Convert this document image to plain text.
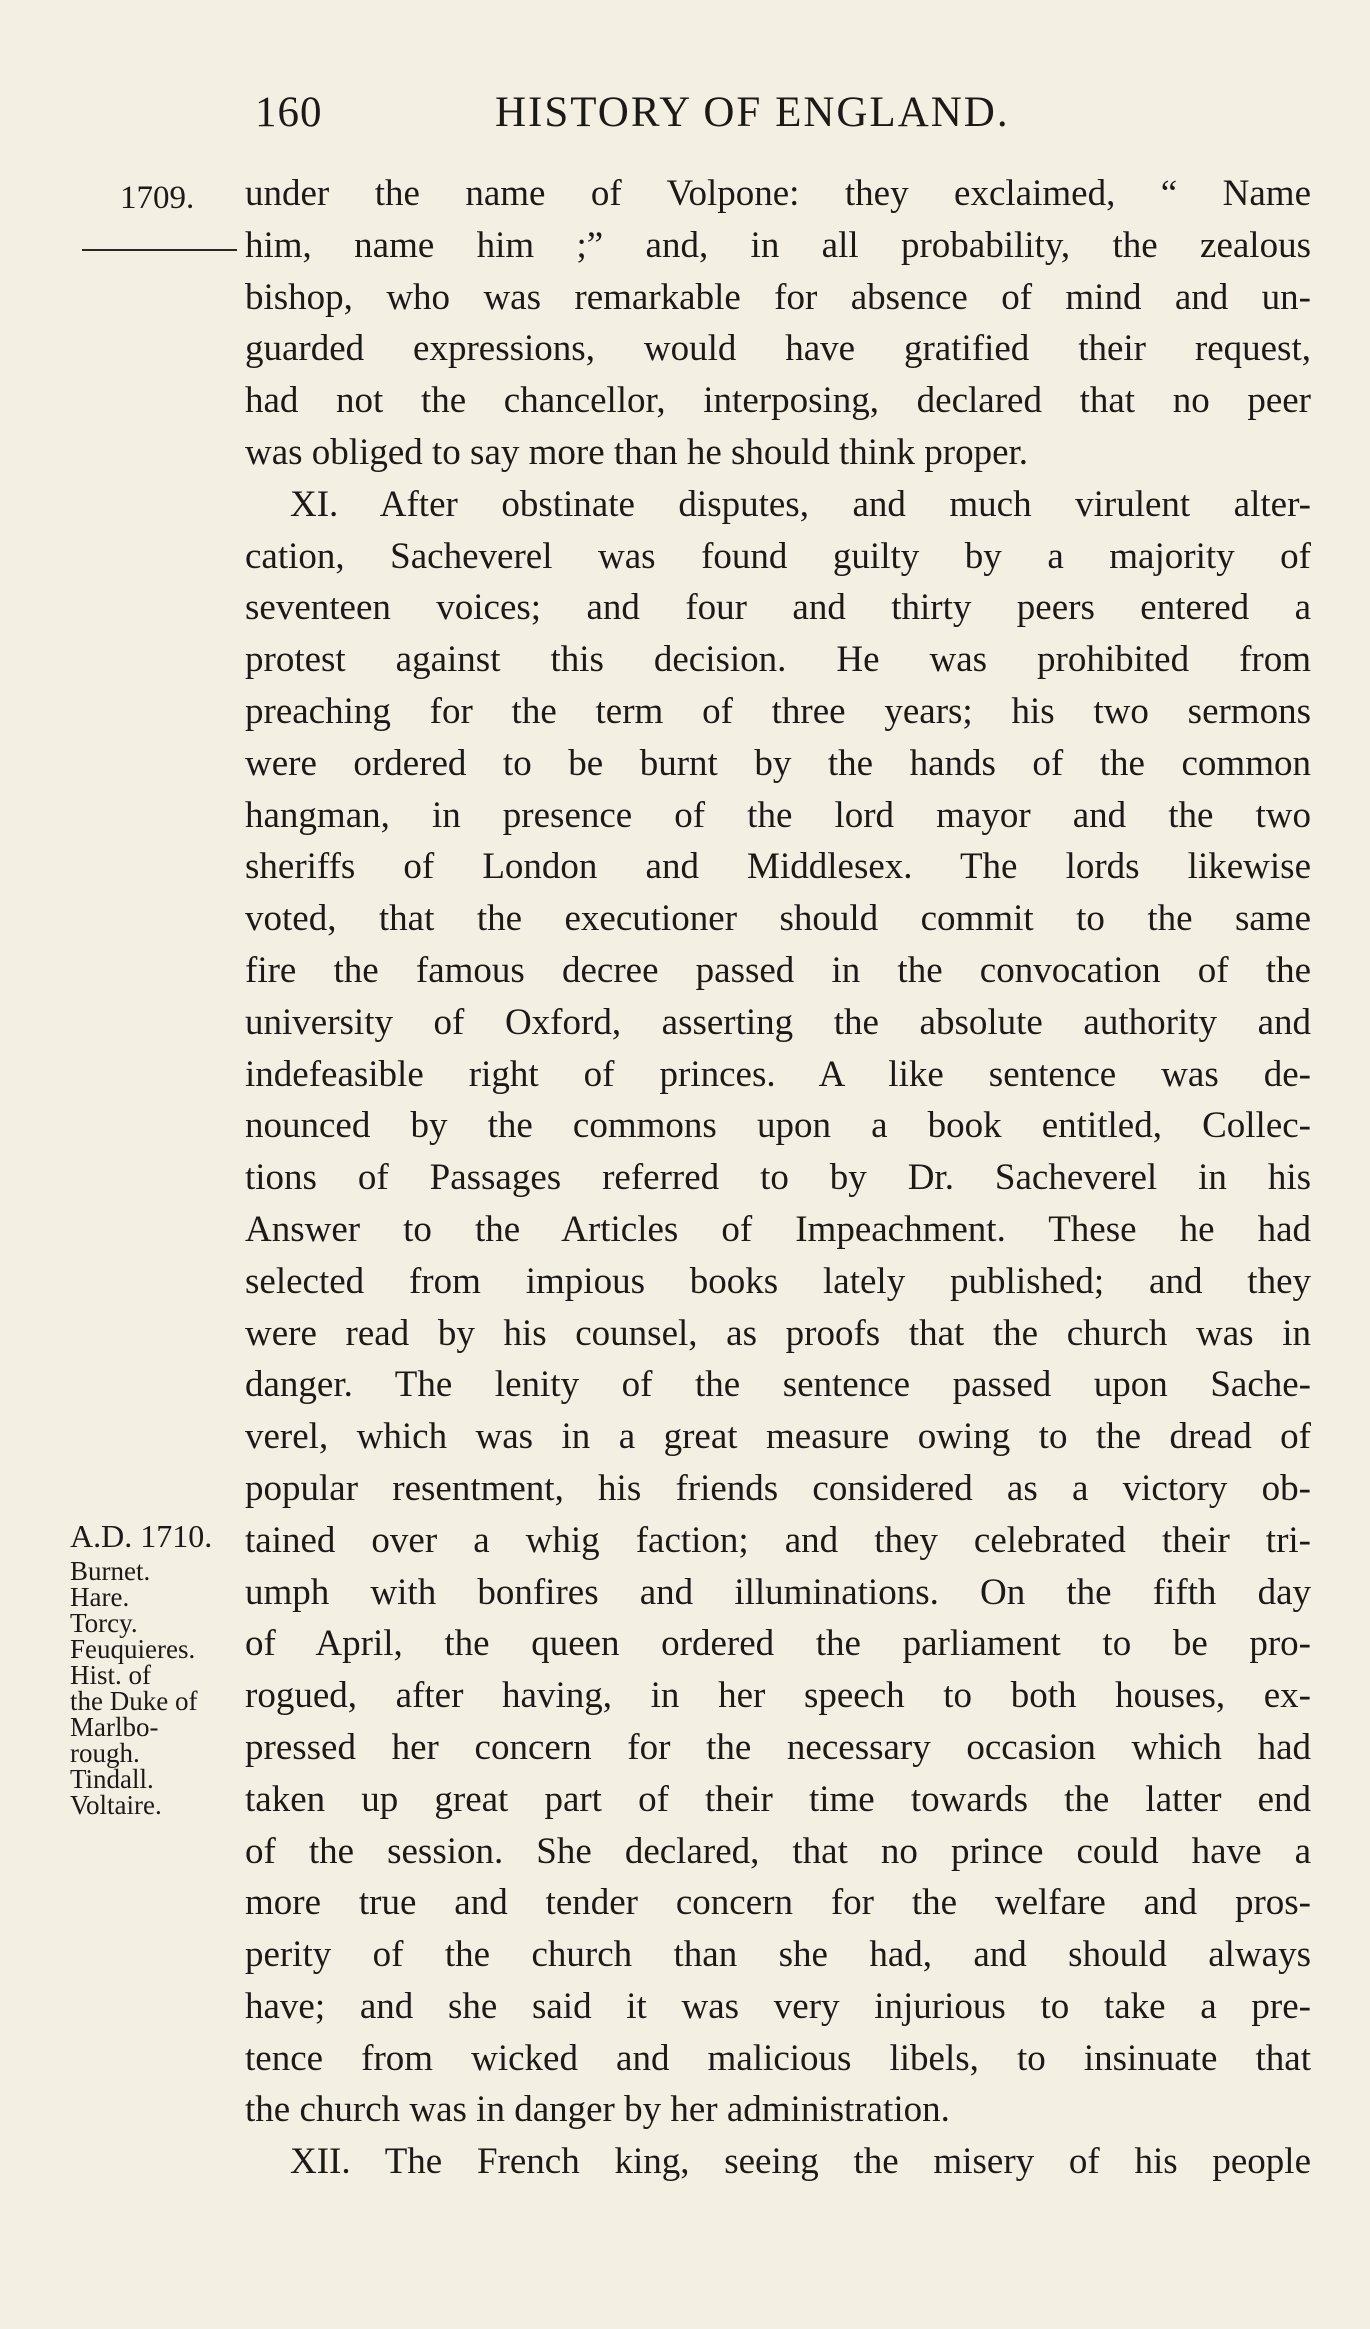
160	HISTORY OF ENGLAND.
1709. under the name of Volpone: they exclaimed, “ Name
him, name him ;” and, in all probability, the zealous
bishop, who was remarkable for absence of mind and un-
guarded expressions, would have gratified their request,
had not the chancellor, interposing, declared that no peer
was obliged to say more than he should think proper.
XI. After obstinate disputes, and much virulent alter-
cation, Sacheverel was found guilty by a majority of
seventeen voices; and four and thirty peers entered a
protest against this decision. He was prohibited from
preaching for the term of three years; his two sermons
were ordered to be burnt by the hands of the common
hangman, in presence of the lord mayor and the two
sheriffs of London and Middlesex. The lords likewise
voted, that the executioner should commit to the same
fire the famous decree passed in the convocation of the
university of Oxford, asserting the absolute authority and
indefeasible right of princes. A like sentence was de-
nounced by the commons upon a book entitled, Collec-
tions of Passages referred to by Dr. Sacheverel in his
Answer to the Articles of Impeachment. These he had
selected from impious books lately published; and they
were read by his counsel, as proofs that the church was in
danger. The lenity of the sentence passed upon Sache-
verel, which was in a great measure owing to the dread of
popular resentment, his friends considered as a victory ob-
tained over a whig faction; and they celebrated their tri-
umph with bonfires and illuminations. On the fifth day
of April, the queen ordered the parliament to be pro-
rogued, after having, in her speech to both houses, ex-
pressed her concern for the necessary occasion which had
taken up great part of their time towards the latter end
of the session. She declared, that no prince could have a
more true and tender concern for the welfare and pros-
perity of the church than she had, and should always
have; and she said it was very injurious to take a pre-
tence from wicked and malicious libels, to insinuate that
the church was in danger by her administration.
XII. The French king, seeing the misery of his people
A.D. 1710.
Burnet.
Hare.
Torcy.
Feuquieres.
Hist. of
the Duke of
Marlbo-
rough.
Tindall.
Voltaire.
